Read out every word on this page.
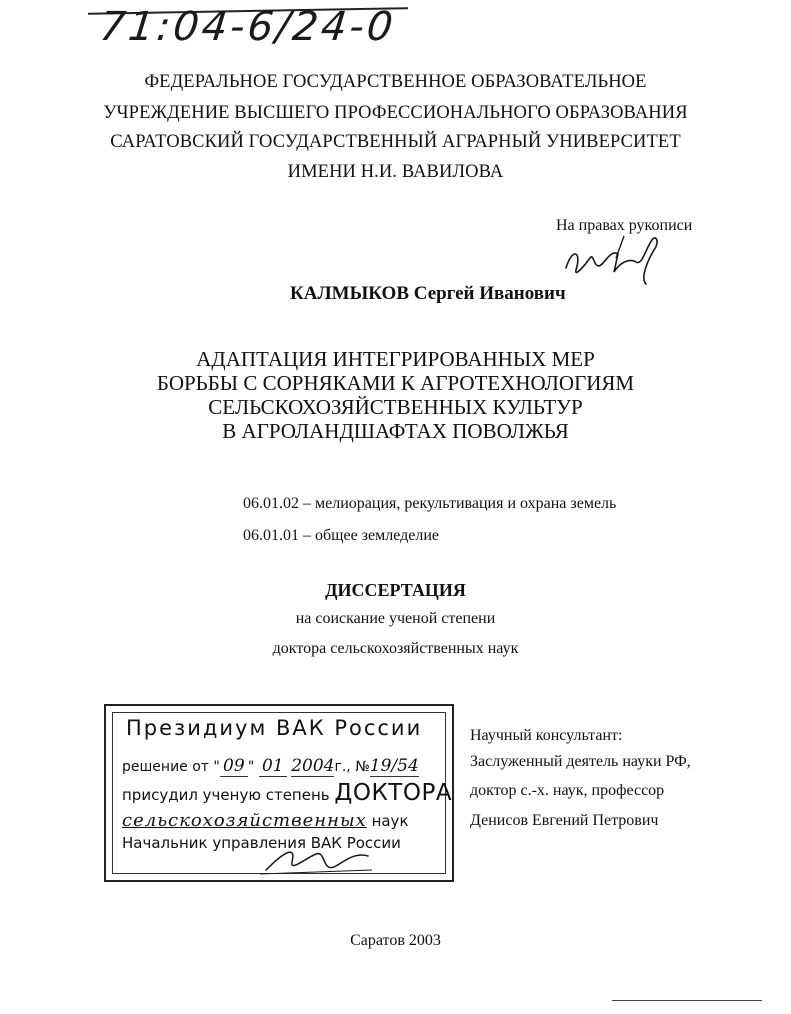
71:04-6/24-0
ФЕДЕРАЛЬНОЕ ГОСУДАРСТВЕННОЕ ОБРАЗОВАТЕЛЬНОЕ
УЧРЕЖДЕНИЕ ВЫСШЕГО ПРОФЕССИОНАЛЬНОГО ОБРАЗОВАНИЯ
САРАТОВСКИЙ ГОСУДАРСТВЕННЫЙ АГРАРНЫЙ УНИВЕРСИТЕТ
ИМЕНИ Н.И. ВАВИЛОВА
На правах рукописи
КАЛМЫКОВ Сергей Иванович
АДАПТАЦИЯ ИНТЕГРИРОВАННЫХ МЕР
БОРЬБЫ С СОРНЯКАМИ К АГРОТЕХНОЛОГИЯМ
СЕЛЬСКОХОЗЯЙСТВЕННЫХ КУЛЬТУР
В АГРОЛАНДШАФТАХ ПОВОЛЖЬЯ
06.01.02 – мелиорация, рекультивация и охрана земель
06.01.01 – общее земледелие
ДИССЕРТАЦИЯ
на соискание ученой степени
доктора сельскохозяйственных наук
Президиум ВАК России
решение от " 09 " 01 2004г., №19/54
присудил ученую степень ДОКТОРА
сельскохозяйственных наук
Начальник управления ВАК России
Научный консультант:
Заслуженный деятель науки РФ,
доктор с.-х. наук, профессор
Денисов Евгений Петрович
Саратов 2003
